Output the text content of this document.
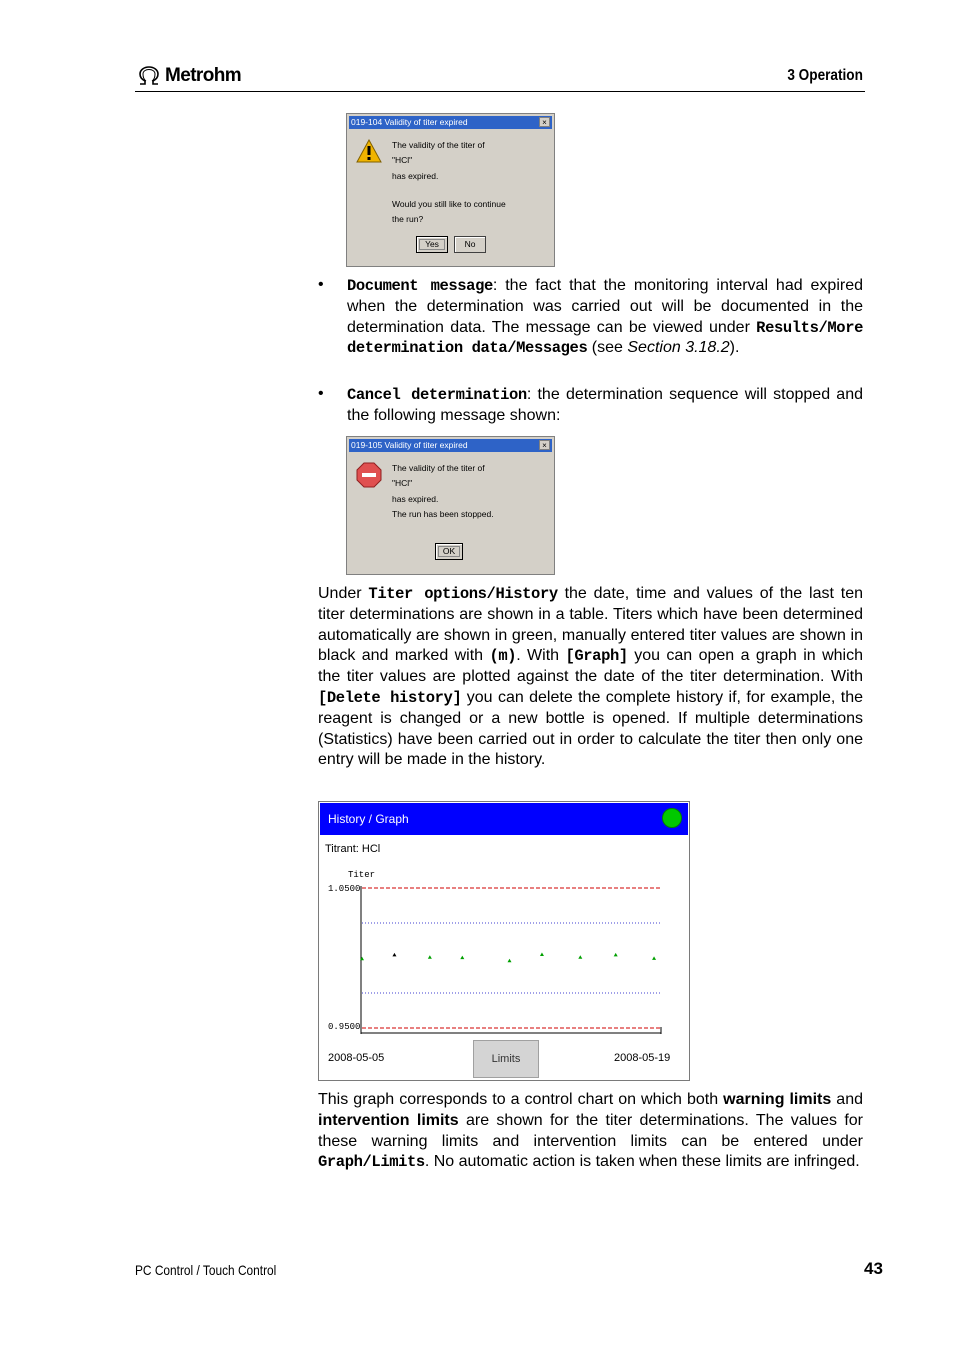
Metrohm	3 Operation
019-104 Validity of titer expired	×
The validity of the titer of
"HCl"
has expired.
Would you still like to continue
the run?
Yes	No
• Document message: the fact that the monitoring interval had expired when the determination was carried out will be documented in the determination data. The message can be viewed under Results/More determination data/Messages (see Section 3.18.2).
• Cancel determination: the determination sequence will stopped and the following message shown:
019-105 Validity of titer expired	×
The validity of the titer of
"HCl"
has expired.
The run has been stopped.
OK
Under Titer options/History the date, time and values of the last ten titer determinations are shown in a table. Titers which have been determined automatically are shown in green, manually entered titer values are shown in black and marked with (m). With [Graph] you can open a graph in which the titer values are plotted against the date of the titer determination. With [Delete history] you can delete the complete history if, for example, the reagent is changed or a new bottle is opened. If multiple determinations (Statistics) have been carried out in order to calculate the titer then only one entry will be made in the history.
History / Graph
Titrant: HCl
Titer
1.0500
0.9500
2008-05-05	Limits	2008-05-19
This graph corresponds to a control chart on which both warning limits and intervention limits are shown for the titer determinations. The values for these warning limits and intervention limits can be entered under Graph/Limits. No automatic action is taken when these limits are infringed.
PC Control / Touch Control	43
